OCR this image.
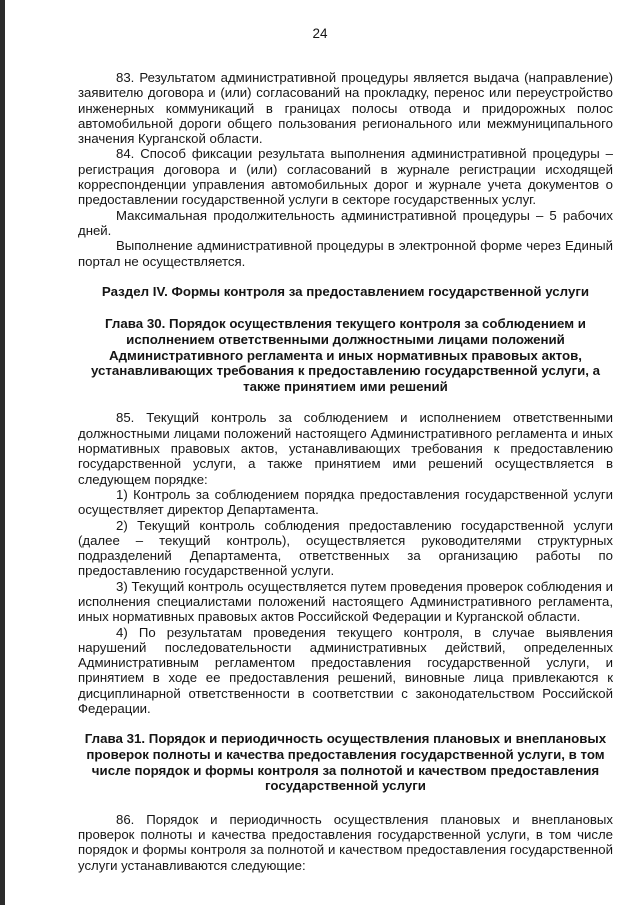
24

83. Результатом административной процедуры является выдача (направление) заявителю договора и (или) согласований на прокладку, перенос или переустройство инженерных коммуникаций в границах полосы отвода и придорожных полос автомобильной дороги общего пользования регионального или межмуниципального значения Курганской области.

84. Способ фиксации результата выполнения административной процедуры – регистрация договора и (или) согласований в журнале регистрации исходящей корреспонденции управления автомобильных дорог и журнале учета документов о предоставлении государственной услуги в секторе государственных услуг.

Максимальная продолжительность административной процедуры – 5 рабочих дней.

Выполнение административной процедуры в электронной форме через Единый портал не осуществляется.

Раздел IV. Формы контроля за предоставлением государственной услуги
Глава 30. Порядок осуществления текущего контроля за соблюдением и исполнением ответственными должностными лицами положений Административного регламента и иных нормативных правовых актов, устанавливающих требования к предоставлению государственной услуги, а также принятием ими решений

85. Текущий контроль за соблюдением и исполнением ответственными должностными лицами положений настоящего Административного регламента и иных нормативных правовых актов, устанавливающих требования к предоставлению государственной услуги, а также принятием ими решений осуществляется в следующем порядке:

1) Контроль за соблюдением порядка предоставления государственной услуги осуществляет директор Департамента.

2) Текущий контроль соблюдения предоставлению государственной услуги (далее – текущий контроль), осуществляется руководителями структурных подразделений Департамента, ответственных за организацию работы по предоставлению государственной услуги.

3) Текущий контроль осуществляется путем проведения проверок соблюдения и исполнения специалистами положений настоящего Административного регламента, иных нормативных правовых актов Российской Федерации и Курганской области.

4) По результатам проведения текущего контроля, в случае выявления нарушений последовательности административных действий, определенных Административным регламентом предоставления государственной услуги, и принятием в ходе ее предоставления решений, виновные лица привлекаются к дисциплинарной ответственности в соответствии с законодательством Российской Федерации.

Глава 31. Порядок и периодичность осуществления плановых и внеплановых проверок полноты и качества предоставления государственной услуги, в том числе порядок и формы контроля за полнотой и качеством предоставления государственной услуги

86. Порядок и периодичность осуществления плановых и внеплановых проверок полноты и качества предоставления государственной услуги, в том числе порядок и формы контроля за полнотой и качеством предоставления государственной услуги устанавливаются следующие:
